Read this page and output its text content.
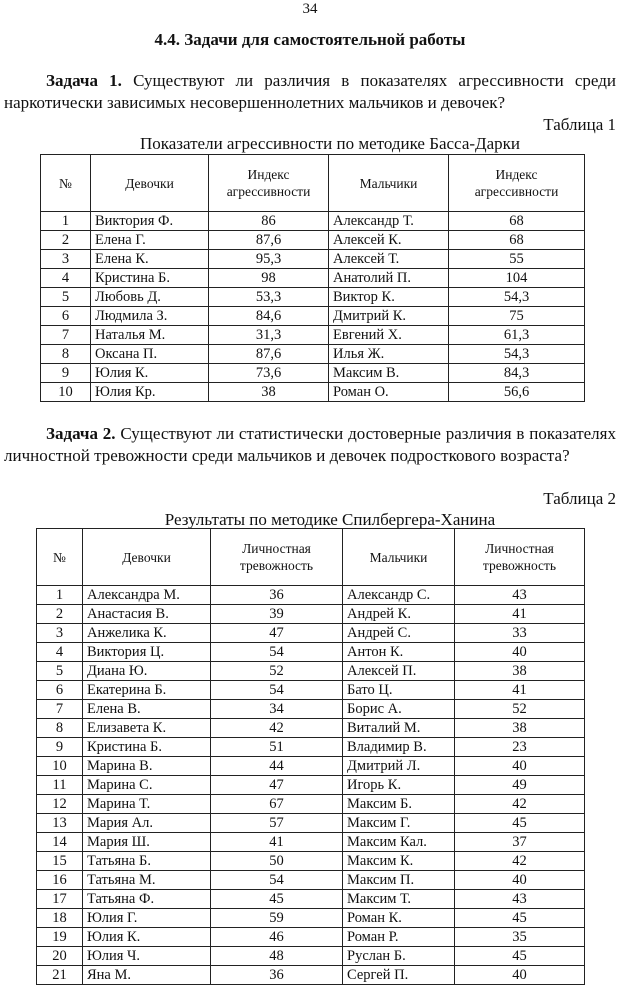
34
4.4. Задачи для самостоятельной работы

Задача 1. Существуют ли различия в показателях агрессивности среди наркотически зависимых несовершеннолетних мальчиков и девочек?

Таблица 1
Показатели агрессивности по методике Басса-Дарки
№	Девочки	Индекс агрессивности	Мальчики	Индекс агрессивности
1	Виктория Ф.	86	Александр Т.	68
2	Елена Г.	87,6	Алексей К.	68
3	Елена К.	95,3	Алексей Т.	55
4	Кристина Б.	98	Анатолий П.	104
5	Любовь Д.	53,3	Виктор К.	54,3
6	Людмила З.	84,6	Дмитрий К.	75
7	Наталья М.	31,3	Евгений Х.	61,3
8	Оксана П.	87,6	Илья Ж.	54,3
9	Юлия К.	73,6	Максим В.	84,3
10	Юлия Кр.	38	Роман О.	56,6

Задача 2. Существуют ли статистически достоверные различия в показателях личностной тревожности среди мальчиков и девочек подросткового возраста?

Таблица 2
Результаты по методике Спилбергера-Ханина
№	Девочки	Личностная тревожность	Мальчики	Личностная тревожность
1	Александра М.	36	Александр С.	43
2	Анастасия В.	39	Андрей К.	41
3	Анжелика К.	47	Андрей С.	33
4	Виктория Ц.	54	Антон К.	40
5	Диана Ю.	52	Алексей П.	38
6	Екатерина Б.	54	Бато Ц.	41
7	Елена В.	34	Борис А.	52
8	Елизавета К.	42	Виталий М.	38
9	Кристина Б.	51	Владимир В.	23
10	Марина В.	44	Дмитрий Л.	40
11	Марина С.	47	Игорь К.	49
12	Марина Т.	67	Максим Б.	42
13	Мария Ал.	57	Максим Г.	45
14	Мария Ш.	41	Максим Кал.	37
15	Татьяна Б.	50	Максим К.	42
16	Татьяна М.	54	Максим П.	40
17	Татьяна Ф.	45	Максим Т.	43
18	Юлия Г.	59	Роман К.	45
19	Юлия К.	46	Роман Р.	35
20	Юлия Ч.	48	Руслан Б.	45
21	Яна М.	36	Сергей П.	40
